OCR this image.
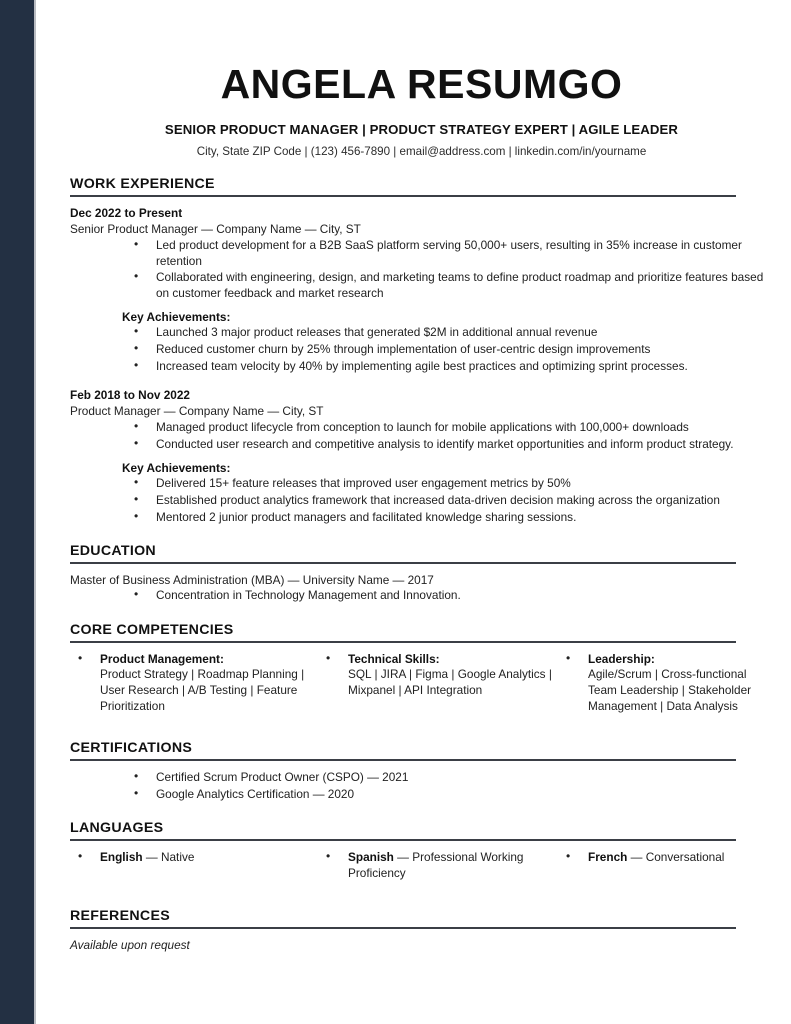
ANGELA RESUMGO
SENIOR PRODUCT MANAGER | PRODUCT STRATEGY EXPERT | AGILE LEADER
City, State ZIP Code | (123) 456-7890 | email@address.com | linkedin.com/in/yourname
WORK EXPERIENCE
Dec 2022 to Present
Senior Product Manager — Company Name — City, ST
• Led product development for a B2B SaaS platform serving 50,000+ users, resulting in 35% increase in customer retention
• Collaborated with engineering, design, and marketing teams to define product roadmap and prioritize features based on customer feedback and market research
Key Achievements:
• Launched 3 major product releases that generated $2M in additional annual revenue
• Reduced customer churn by 25% through implementation of user-centric design improvements
• Increased team velocity by 40% by implementing agile best practices and optimizing sprint processes.
Feb 2018 to Nov 2022
Product Manager — Company Name — City, ST
• Managed product lifecycle from conception to launch for mobile applications with 100,000+ downloads
• Conducted user research and competitive analysis to identify market opportunities and inform product strategy.
Key Achievements:
• Delivered 15+ feature releases that improved user engagement metrics by 50%
• Established product analytics framework that increased data-driven decision making across the organization
• Mentored 2 junior product managers and facilitated knowledge sharing sessions.
EDUCATION
Master of Business Administration (MBA) — University Name — 2017
• Concentration in Technology Management and Innovation.
CORE COMPETENCIES
• Product Management:
Product Strategy | Roadmap Planning | User Research | A/B Testing | Feature Prioritization
• Technical Skills:
SQL | JIRA | Figma | Google Analytics | Mixpanel | API Integration
• Leadership:
Agile/Scrum | Cross-functional Team Leadership | Stakeholder Management | Data Analysis
CERTIFICATIONS
• Certified Scrum Product Owner (CSPO) — 2021
• Google Analytics Certification — 2020
LANGUAGES
• English — Native	• Spanish — Professional Working Proficiency
• French — Conversational
REFERENCES
Available upon request
